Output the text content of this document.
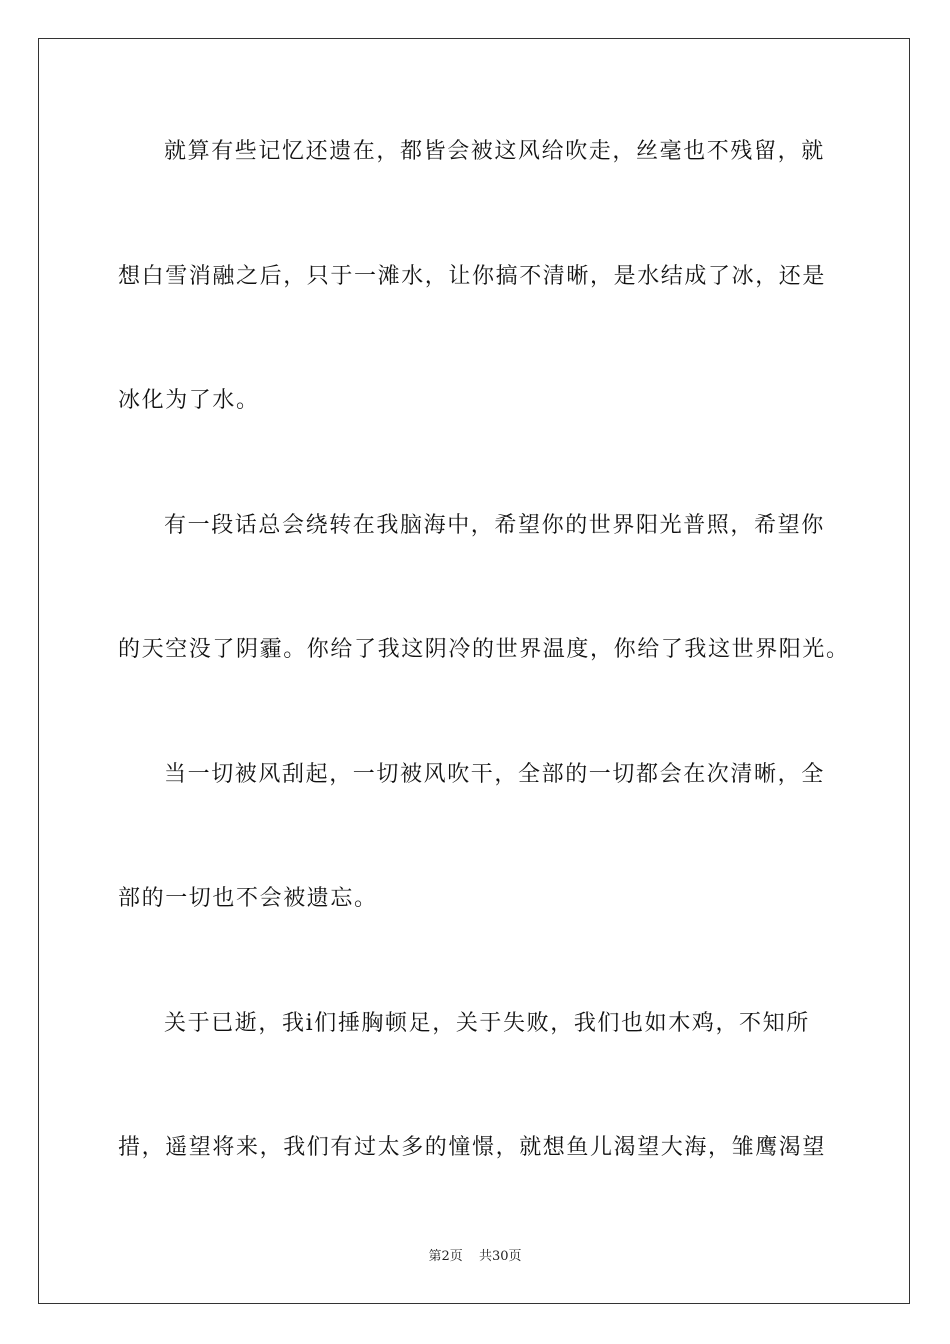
就算有些记忆还遗在，都皆会被这风给吹走，丝毫也不残留，就
想白雪消融之后，只于一滩水，让你搞不清晰，是水结成了冰，还是
冰化为了水。
有一段话总会绕转在我脑海中，希望你的世界阳光普照，希望你
的天空没了阴霾。你给了我这阴冷的世界温度，你给了我这世界阳光。
当一切被风刮起，一切被风吹干，全部的一切都会在次清晰，全
部的一切也不会被遗忘。
关于已逝，我i们捶胸顿足，关于失败，我们也如木鸡，不知所
措，遥望将来，我们有过太多的憧憬，就想鱼儿渴望大海，雏鹰渴望
第2页 共30页
